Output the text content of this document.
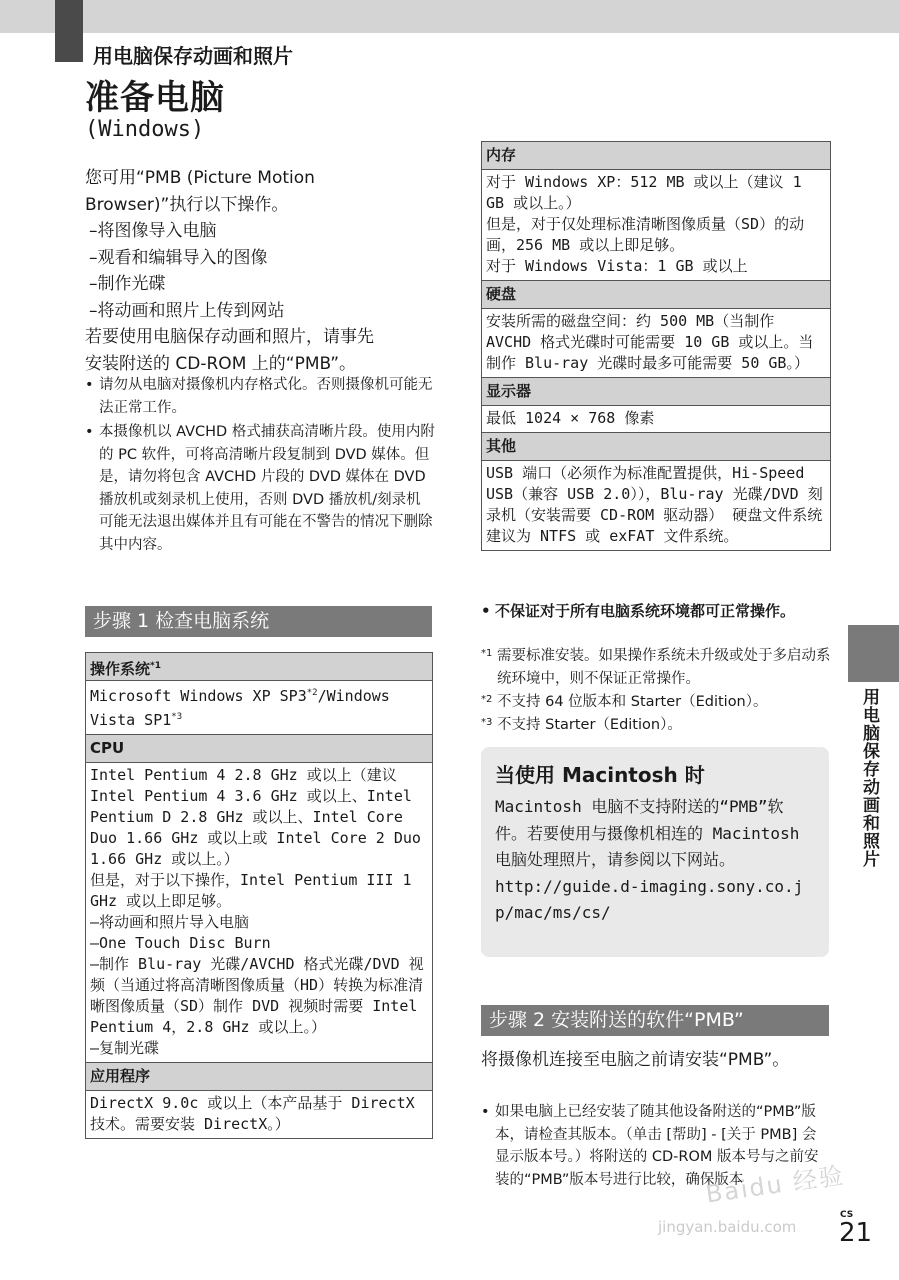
用电脑保存动画和照片
准备电脑
(Windows)
您可用“PMB (Picture Motion
Browser)”执行以下操作。
–将图像导入电脑
–观看和编辑导入的图像
–制作光碟
–将动画和照片上传到网站
若要使用电脑保存动画和照片，请事先
安装附送的 CD-ROM 上的“PMB”。
• 请勿从电脑对摄像机内存格式化。否则摄像机可能无法正常工作。
• 本摄像机以 AVCHD 格式捕获高清晰片段。使用内附的 PC 软件，可将高清晰片段复制到 DVD 媒体。但是，请勿将包含 AVCHD 片段的 DVD 媒体在 DVD 播放机或刻录机上使用，否则 DVD 播放机/刻录机可能无法退出媒体并且有可能在不警告的情况下删除其中内容。
步骤 1 检查电脑系统
操作系统$^{*1}$
Microsoft Windows XP SP3$^{*2}$/Windows
Vista SP1$^{*3}$
CPU
Intel Pentium 4 2.8 GHz 或以上（建议 Intel Pentium 4 3.6 GHz 或以上、Intel Pentium D 2.8 GHz 或以上、Intel Core Duo 1.66 GHz 或以上或 Intel Core 2 Duo 1.66 GHz 或以上。）
但是，对于以下操作，Intel Pentium III 1 GHz 或以上即足够。
–将动画和照片导入电脑
–One Touch Disc Burn
–制作 Blu-ray 光碟/AVCHD 格式光碟/DVD 视频（当通过将高清晰图像质量（HD）转换为标准清晰图像质量（SD）制作 DVD 视频时需要 Intel Pentium 4，2.8 GHz 或以上。）
–复制光碟
应用程序
DirectX 9.0c 或以上（本产品基于 DirectX 技术。需要安装 DirectX。）
内存
对于 Windows XP：512 MB 或以上（建议 1 GB 或以上。）
但是，对于仅处理标准清晰图像质量（SD）的动画，256 MB 或以上即足够。
对于 Windows Vista：1 GB 或以上
硬盘
安装所需的磁盘空间：约 500 MB（当制作 AVCHD 格式光碟时可能需要 10 GB 或以上。当制作 Blu-ray 光碟时最多可能需要 50 GB。）
显示器
最低 1024 × 768 像素
其他
USB 端口（必须作为标准配置提供，Hi-Speed USB（兼容 USB 2.0）），Blu-ray 光碟/DVD 刻录机（安装需要 CD-ROM 驱动器） 硬盘文件系统建议为 NTFS 或 exFAT 文件系统。
• 不保证对于所有电脑系统环境都可正常操作。
*1 需要标准安装。如果操作系统未升级或处于多启动系统环境中，则不保证正常操作。
*2 不支持 64 位版本和 Starter（Edition）。
*3 不支持 Starter（Edition）。
当使用 Macintosh 时
Macintosh 电脑不支持附送的“PMB”软件。若要使用与摄像机相连的 Macintosh 电脑处理照片，请参阅以下网站。
http://guide.d-imaging.sony.co.jp/mac/ms/cs/
步骤 2 安装附送的软件“PMB”
将摄像机连接至电脑之前请安装“PMB”。
• 如果电脑上已经安装了随其他设备附送的“PMB”版本，请检查其版本。（单击 [帮助] - [关于 PMB] 会显示版本号。）将附送的 CD-ROM 版本号与之前安装的“PMB”版本号进行比较，确保版本
用电脑保存动画和照片
CS
21
Baidu 经验
jingyan.baidu.com
